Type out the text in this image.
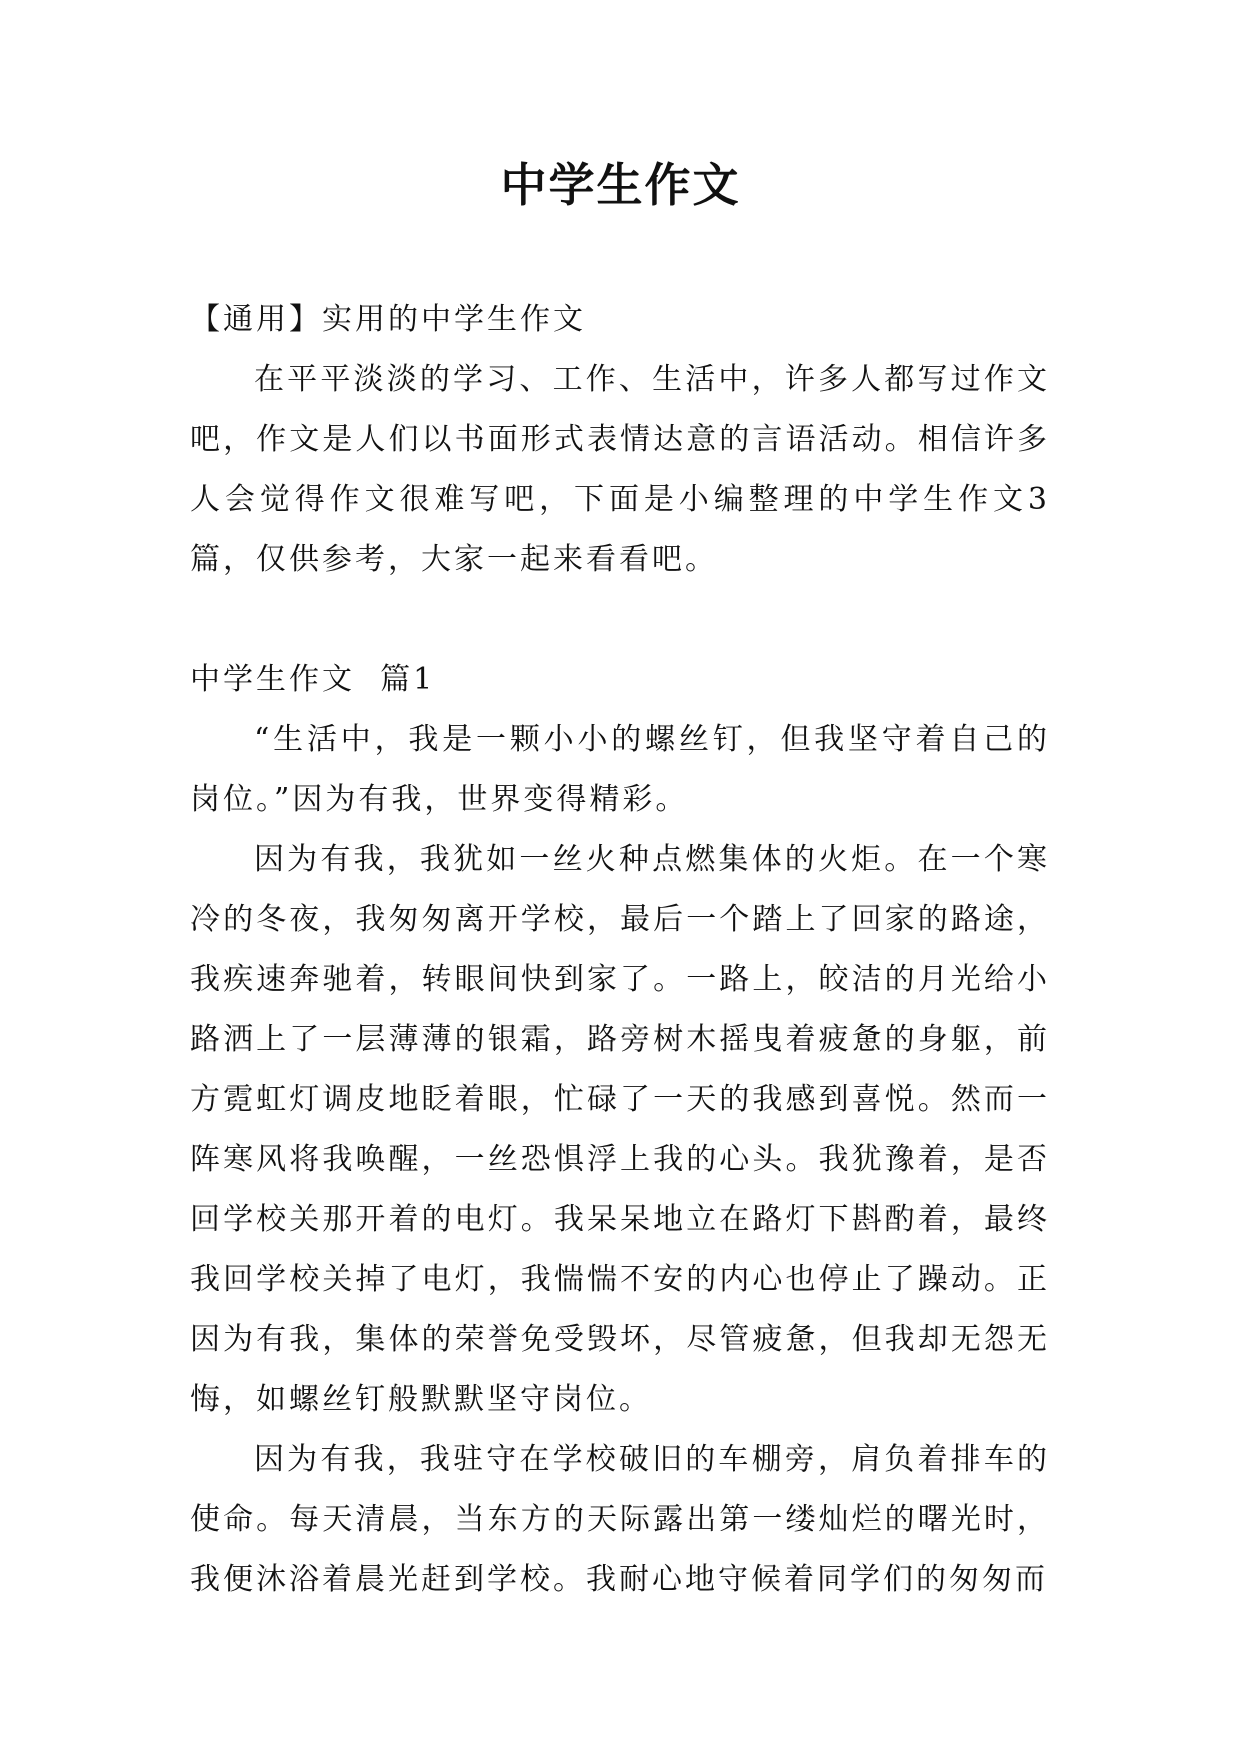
中学生作文

【通用】实用的中学生作文

在平平淡淡的学习、工作、生活中，许多人都写过作文吧，作文是人们以书面形式表情达意的言语活动。相信许多人会觉得作文很难写吧，下面是小编整理的中学生作文3篇，仅供参考，大家一起来看看吧。

中学生作文  篇1

“生活中，我是一颗小小的螺丝钉，但我坚守着自己的岗位。”因为有我，世界变得精彩。

因为有我，我犹如一丝火种点燃集体的火炬。在一个寒冷的冬夜，我匆匆离开学校，最后一个踏上了回家的路途，我疾速奔驰着，转眼间快到家了。一路上，皎洁的月光给小路洒上了一层薄薄的银霜，路旁树木摇曳着疲惫的身躯，前方霓虹灯调皮地眨着眼，忙碌了一天的我感到喜悦。然而一阵寒风将我唤醒，一丝恐惧浮上我的心头。我犹豫着，是否回学校关那开着的电灯。我呆呆地立在路灯下斟酌着，最终我回学校关掉了电灯，我惴惴不安的内心也停止了躁动。正因为有我，集体的荣誉免受毁坏，尽管疲惫，但我却无怨无悔，如螺丝钉般默默坚守岗位。

因为有我，我驻守在学校破旧的车棚旁，肩负着排车的使命。每天清晨，当东方的天际露出第一缕灿烂的曙光时，我便沐浴着晨光赶到学校。我耐心地守候着同学们的匆匆而
